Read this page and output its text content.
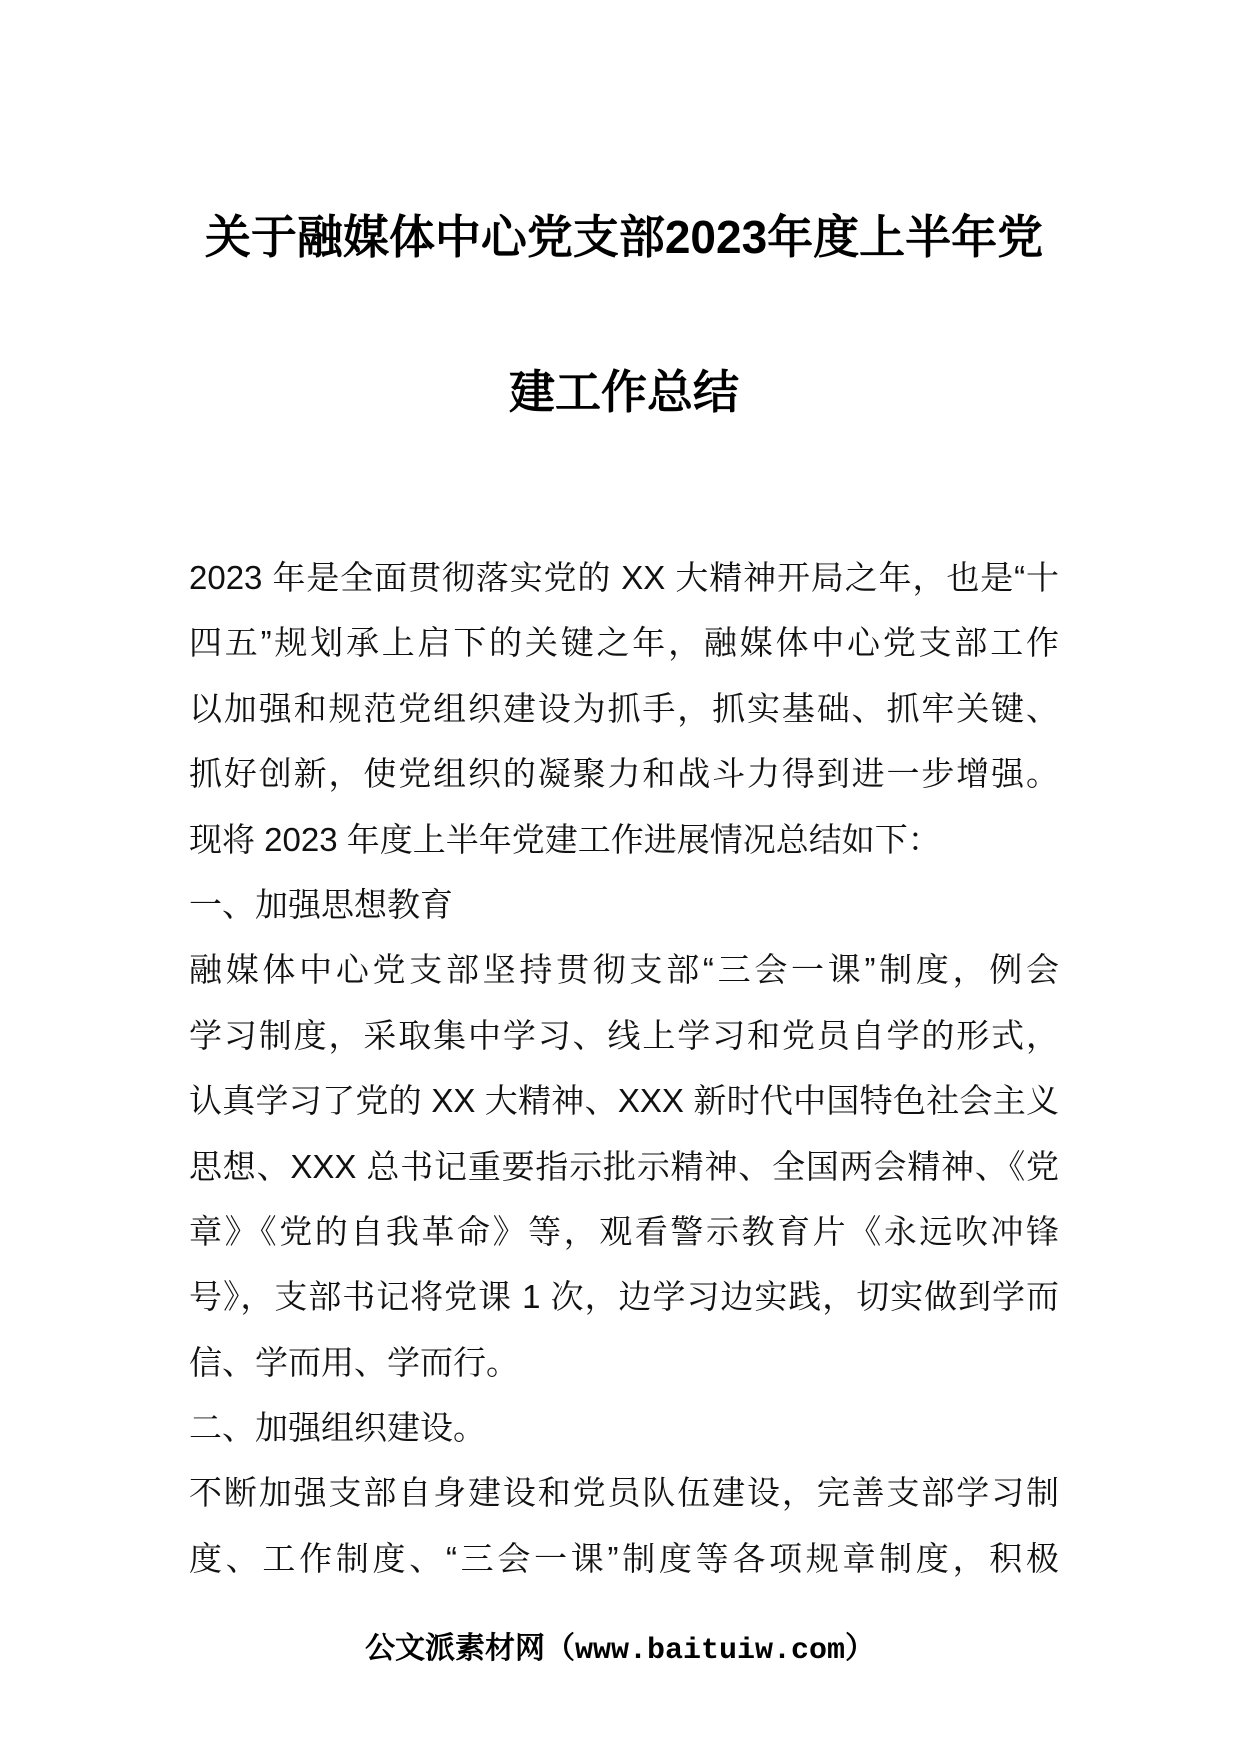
关于融媒体中心党支部2023年度上半年党
建工作总结
2023 年是全面贯彻落实党的 XX 大精神开局之年，也是“十
四五”规划承上启下的关键之年，融媒体中心党支部工作
以加强和规范党组织建设为抓手，抓实基础、抓牢关键、
抓好创新，使党组织的凝聚力和战斗力得到进一步增强。
现将 2023 年度上半年党建工作进展情况总结如下：
一、加强思想教育
融媒体中心党支部坚持贯彻支部“三会一课”制度，例会
学习制度，采取集中学习、线上学习和党员自学的形式，
认真学习了党的 XX 大精神、XXX 新时代中国特色社会主义
思想、XXX 总书记重要指示批示精神、全国两会精神、《党
章》《党的自我革命》等，观看警示教育片《永远吹冲锋
号》，支部书记将党课 1 次，边学习边实践，切实做到学而
信、学而用、学而行。
二、加强组织建设。
不断加强支部自身建设和党员队伍建设，完善支部学习制
度、工作制度、“三会一课”制度等各项规章制度，积极
公文派素材网（www.baituiw.com）
